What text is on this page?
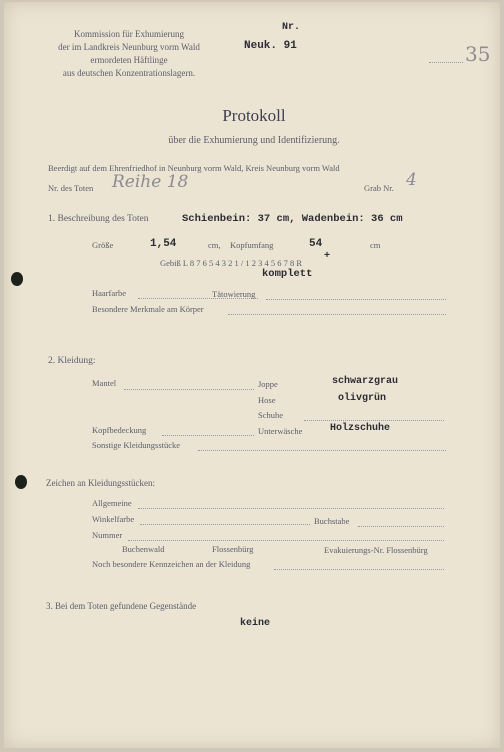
Kommission für Exhumierung
der im Landkreis Neunburg vorm Wald
ermordeten Häftlinge
aus deutschen Konzentrationslagern.
Nr.
Neuk. 91	35
Protokoll
über die Exhumierung und Identifizierung.
Beerdigt auf dem Ehrenfriedhof in Neunburg vorm Wald, Kreis Neunburg vorm Wald
Nr. des Toten Reihe 18	Grab Nr. 4
1. Beschreibung des Toten	Schienbein: 37 cm, Wadenbein: 36 cm
Größe	1,54	cm, Kopfumfang	54	cm
Gebiß L 8 7 6 5 4 3 2 1 / 1 2 3 4 5 6 7 8 R
+
komplett
Haarfarbe	Tätowierung
Besondere Merkmale am Körper
2. Kleidung:
Mantel	Joppe	schwarzgrau
Hose	olivgrün
Schuhe
Kopfbedeckung	Unterwäsche	Holzschuhe
Sonstige Kleidungsstücke
Zeichen an Kleidungsstücken:
Allgemeine
Winkelfarbe	Buchstabe
Nummer
Buchenwald	Flossenbürg	Evakuierungs-Nr. Flossenbürg
Noch besondere Kennzeichen an der Kleidung
3. Bei dem Toten gefundene Gegenstände
keine
